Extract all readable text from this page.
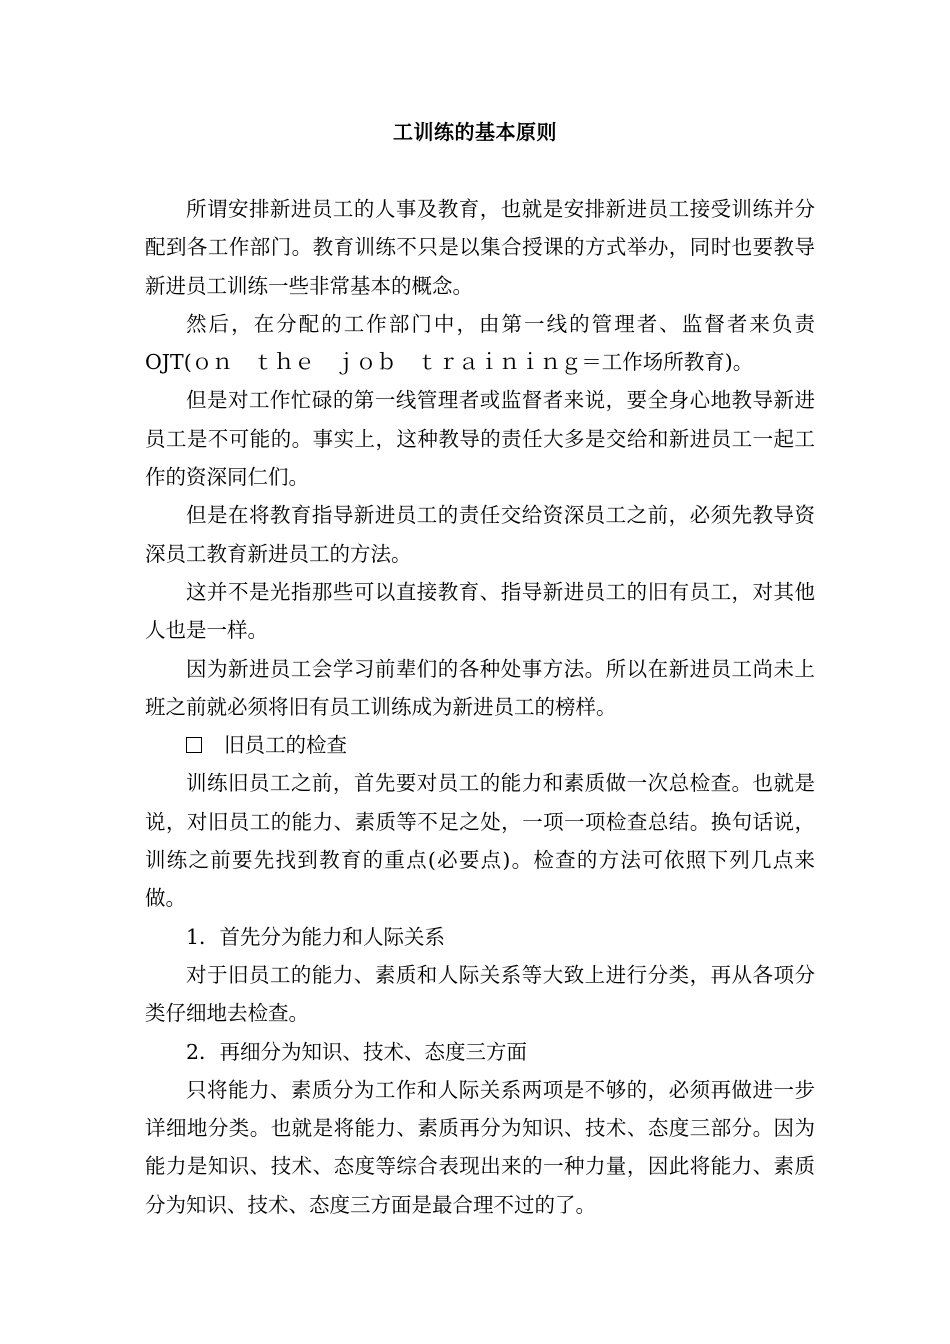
工训练的基本原则

所谓安排新进员工的人事及教育，也就是安排新进员工接受训练并分配到各工作部门。教育训练不只是以集合授课的方式举办，同时也要教导新进员工训练一些非常基本的概念。

然后，在分配的工作部门中，由第一线的管理者、监督者来负责OJT(ｏｎ　ｔｈｅ　ｊｏｂ　ｔｒａｉｎｉｎｇ＝工作场所教育)。

但是对工作忙碌的第一线管理者或监督者来说，要全身心地教导新进员工是不可能的。事实上，这种教导的责任大多是交给和新进员工一起工作的资深同仁们。

但是在将教育指导新进员工的责任交给资深员工之前，必须先教导资深员工教育新进员工的方法。

这并不是光指那些可以直接教育、指导新进员工的旧有员工，对其他人也是一样。

因为新进员工会学习前辈们的各种处事方法。所以在新进员工尚未上班之前就必须将旧有员工训练成为新进员工的榜样。

旧员工的检查

训练旧员工之前，首先要对员工的能力和素质做一次总检查。也就是说，对旧员工的能力、素质等不足之处，一项一项检查总结。换句话说，训练之前要先找到教育的重点(必要点)。检查的方法可依照下列几点来做。

1．首先分为能力和人际关系

对于旧员工的能力、素质和人际关系等大致上进行分类，再从各项分类仔细地去检查。

2．再细分为知识、技术、态度三方面

只将能力、素质分为工作和人际关系两项是不够的，必须再做进一步详细地分类。也就是将能力、素质再分为知识、技术、态度三部分。因为能力是知识、技术、态度等综合表现出来的一种力量，因此将能力、素质分为知识、技术、态度三方面是最合理不过的了。
